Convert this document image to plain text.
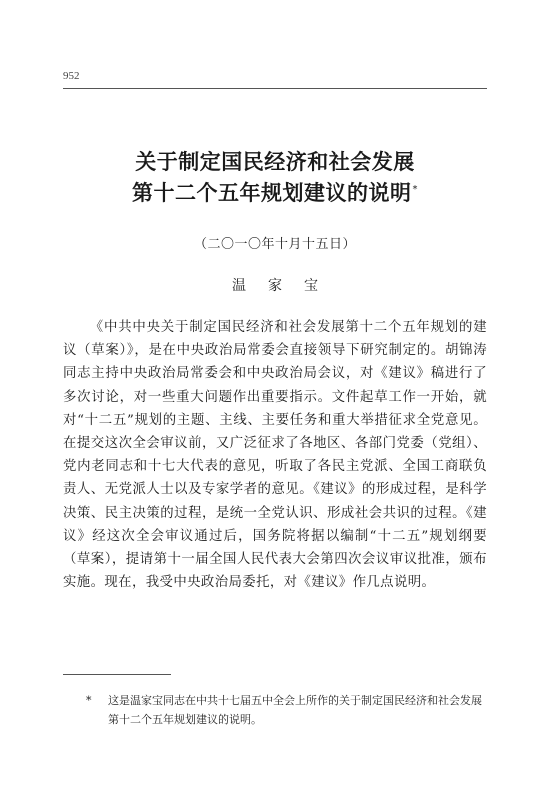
952
关于制定国民经济和社会发展
第十二个五年规划建议的说明*
（二〇一〇年十月十五日）
温家宝

《中共中央关于制定国民经济和社会发展第十二个五年规划的建议（草案）》，是在中央政治局常委会直接领导下研究制定的。胡锦涛同志主持中央政治局常委会和中央政治局会议，对《建议》稿进行了多次讨论，对一些重大问题作出重要指示。文件起草工作一开始，就对“十二五”规划的主题、主线、主要任务和重大举措征求全党意见。在提交这次全会审议前，又广泛征求了各地区、各部门党委（党组）、党内老同志和十七大代表的意见，听取了各民主党派、全国工商联负责人、无党派人士以及专家学者的意见。《建议》的形成过程，是科学决策、民主决策的过程，是统一全党认识、形成社会共识的过程。《建议》经这次全会审议通过后，国务院将据以编制“十二五”规划纲要（草案），提请第十一届全国人民代表大会第四次会议审议批准，颁布实施。现在，我受中央政治局委托，对《建议》作几点说明。

* 这是温家宝同志在中共十七届五中全会上所作的关于制定国民经济和社会发展第十二个五年规划建议的说明。
